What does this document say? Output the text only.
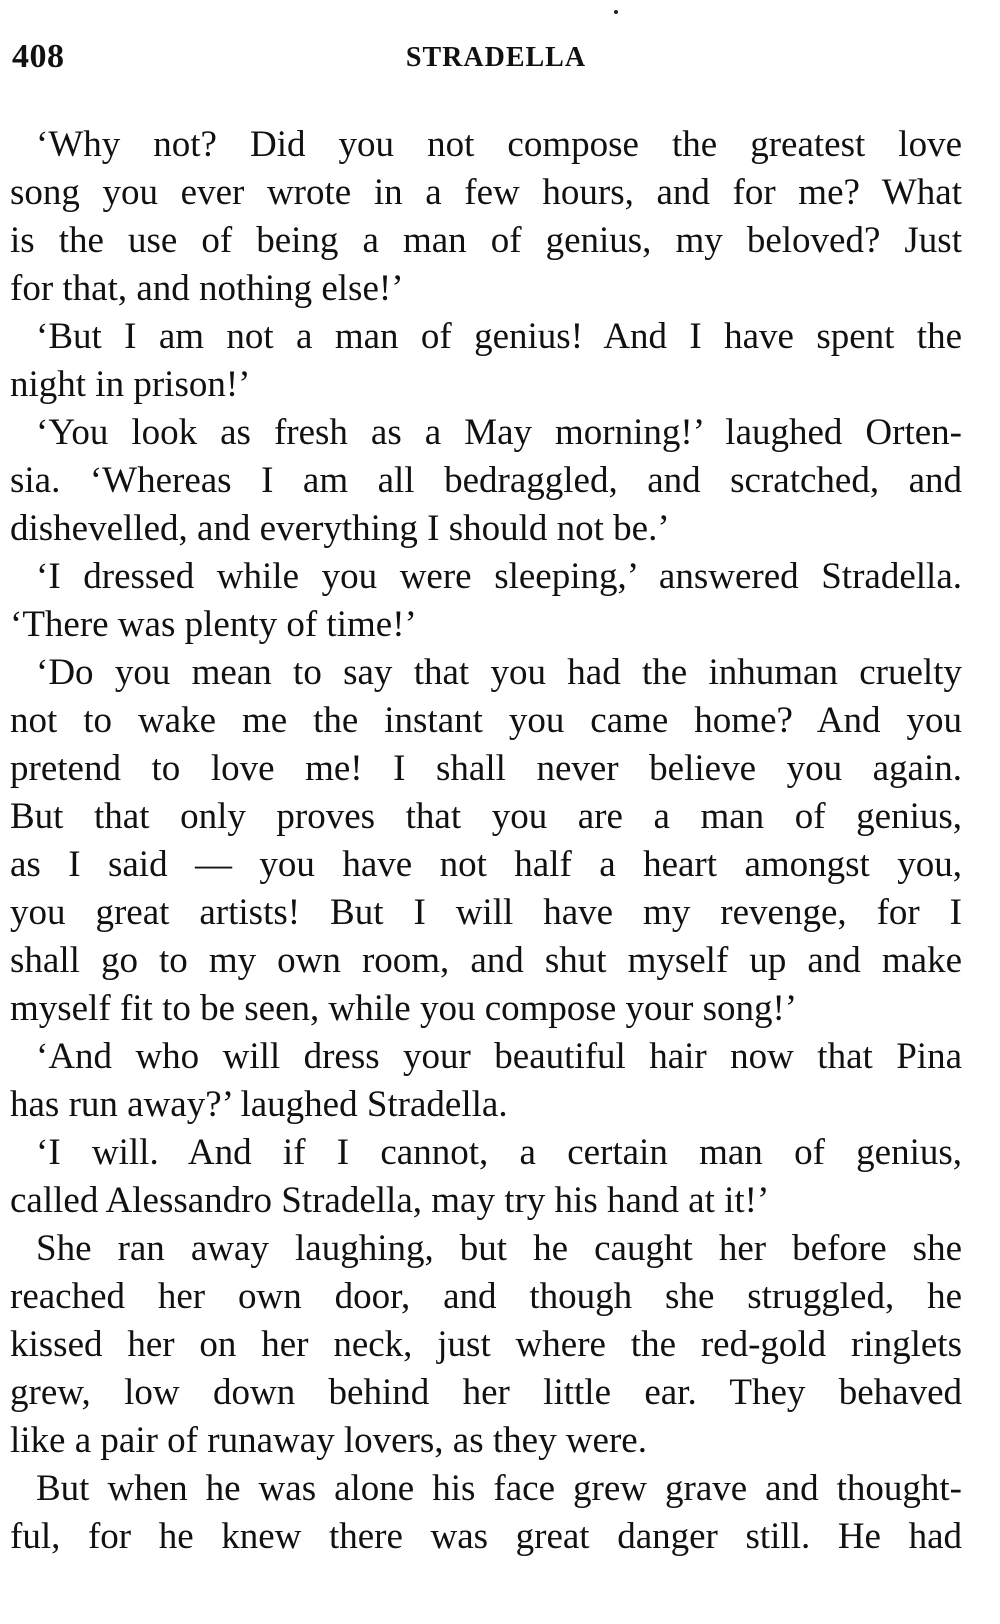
408	STRADELLA
‘Why not? Did you not compose the greatest love
song you ever wrote in a few hours, and for me? What
is the use of being a man of genius, my beloved? Just
for that, and nothing else!’
‘But I am not a man of genius! And I have spent the
night in prison!’
‘You look as fresh as a May morning!’ laughed Orten-
sia. ‘Whereas I am all bedraggled, and scratched, and
dishevelled, and everything I should not be.’
‘I dressed while you were sleeping,’ answered Stradella.
‘There was plenty of time!’
‘Do you mean to say that you had the inhuman cruelty
not to wake me the instant you came home? And you
pretend to love me! I shall never believe you again.
But that only proves that you are a man of genius,
as I said — you have not half a heart amongst you,
you great artists! But I will have my revenge, for I
shall go to my own room, and shut myself up and make
myself fit to be seen, while you compose your song!’
‘And who will dress your beautiful hair now that Pina
has run away?’ laughed Stradella.
‘I will. And if I cannot, a certain man of genius,
called Alessandro Stradella, may try his hand at it!’
She ran away laughing, but he caught her before she
reached her own door, and though she struggled, he
kissed her on her neck, just where the red-gold ringlets
grew, low down behind her little ear. They behaved
like a pair of runaway lovers, as they were.
But when he was alone his face grew grave and thought-
ful, for he knew there was great danger still. He had
